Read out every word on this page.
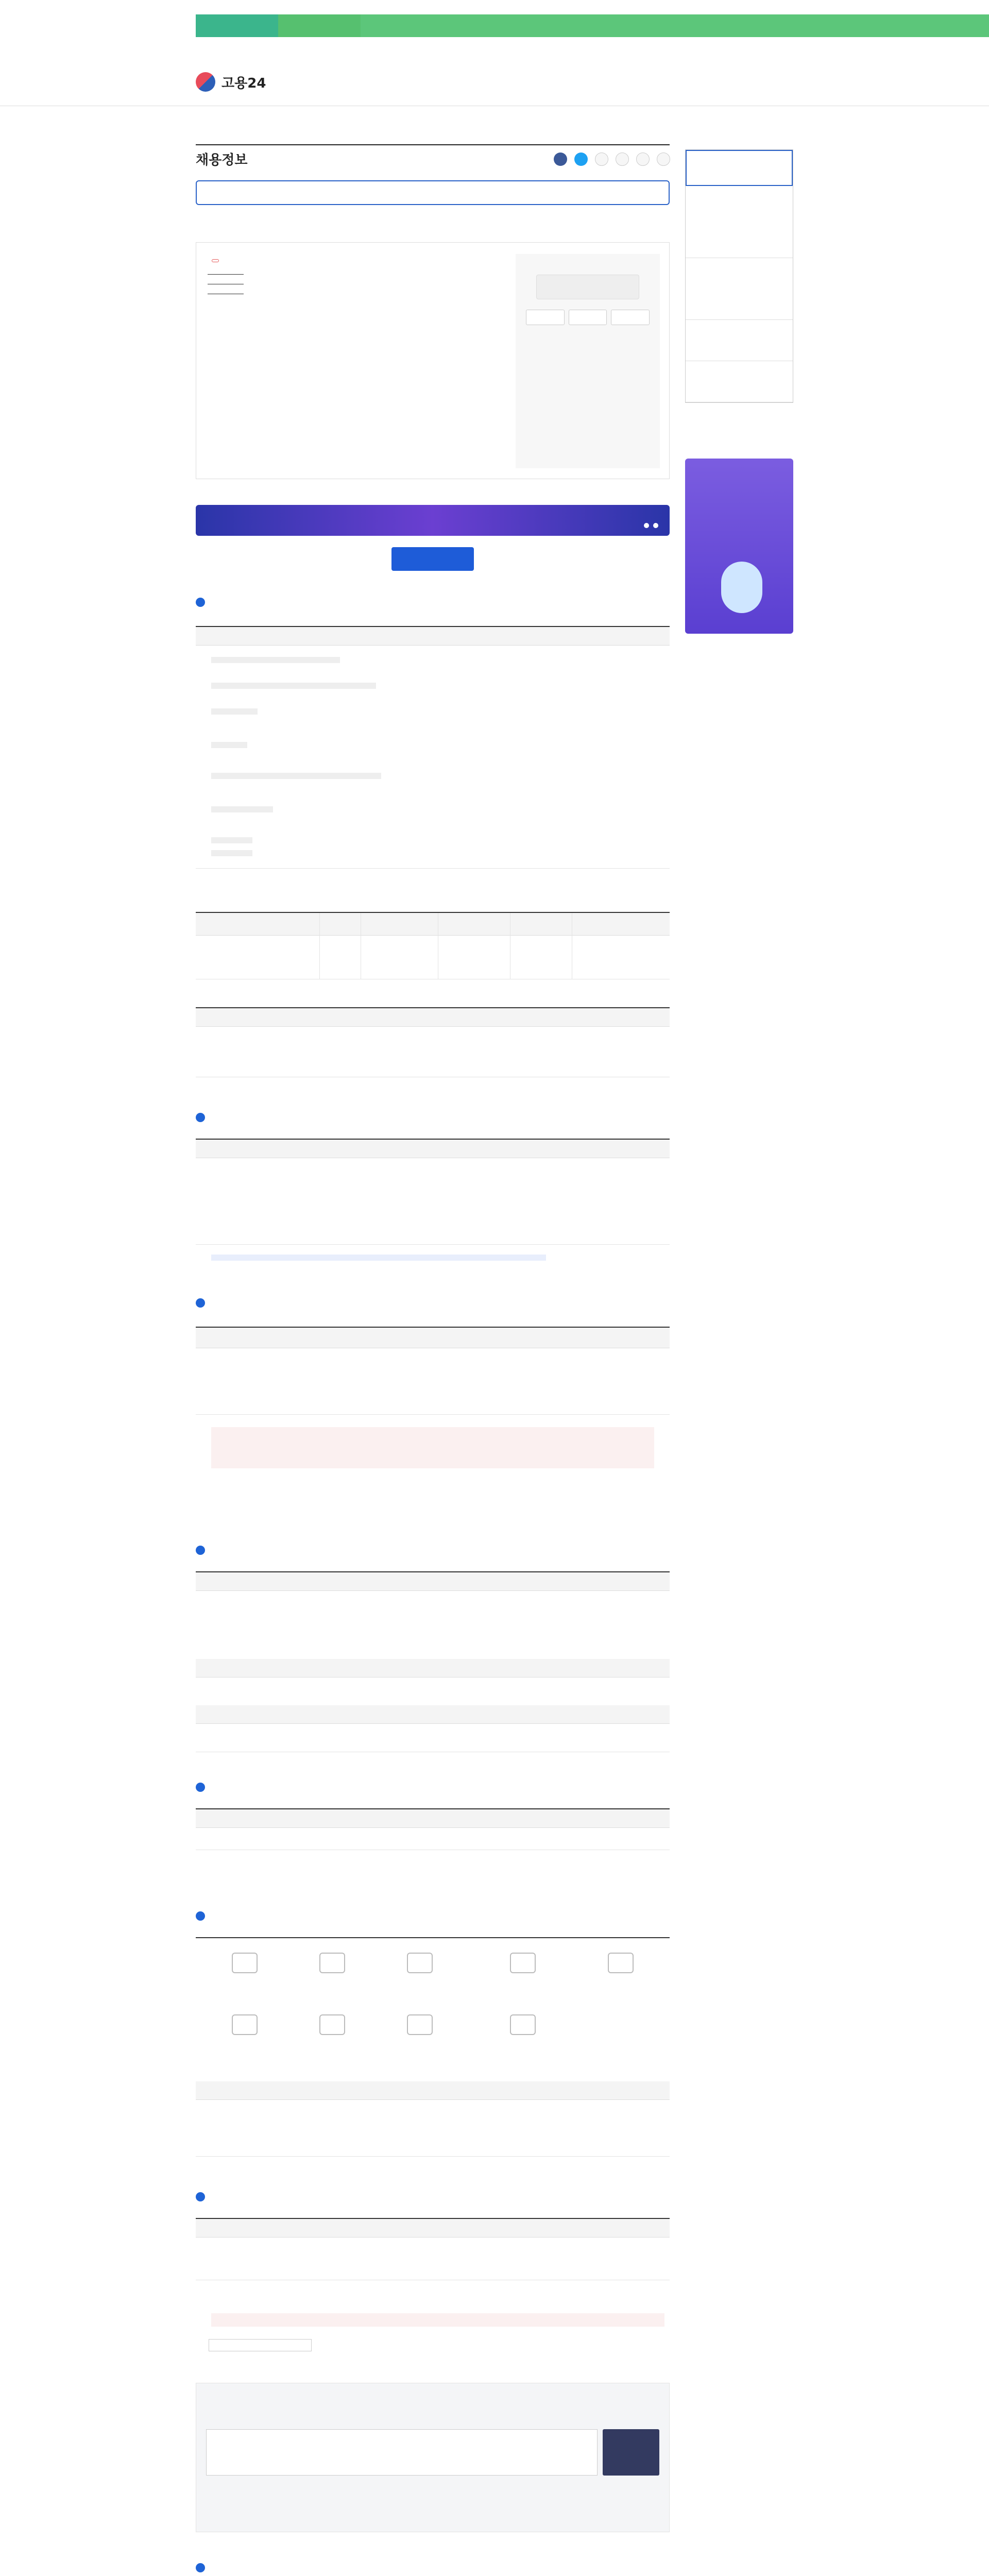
고용24
채용정보
